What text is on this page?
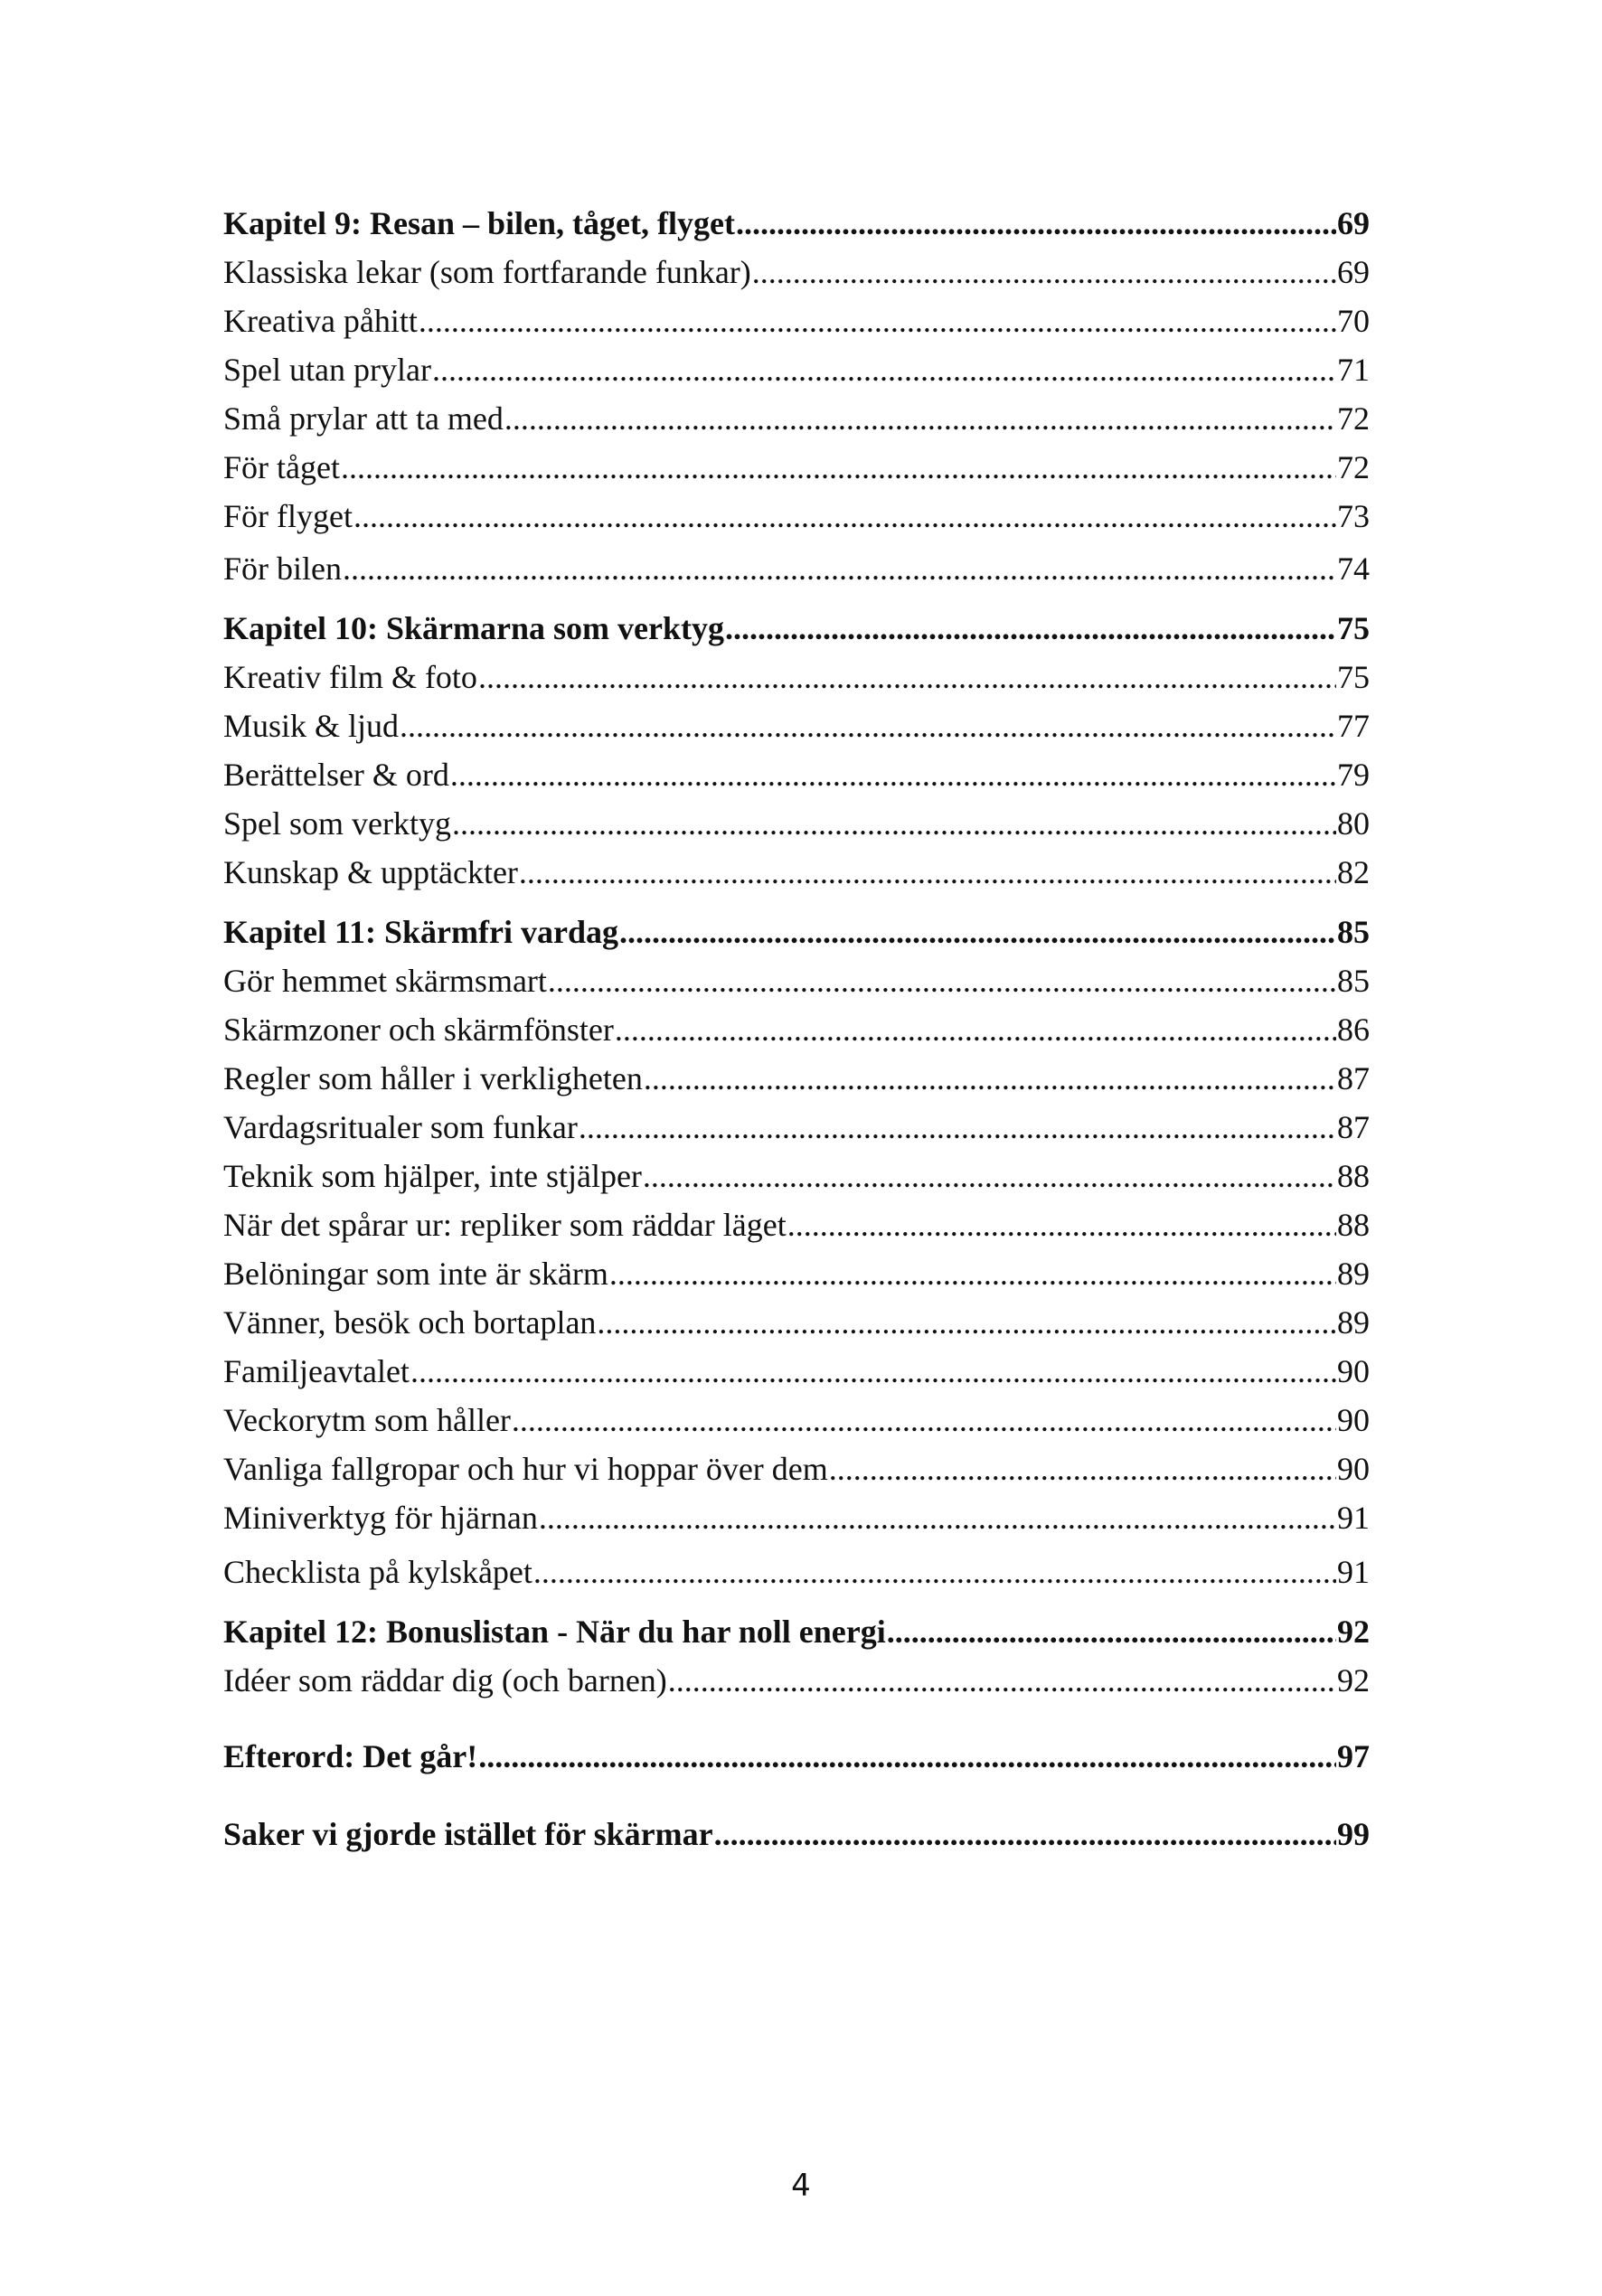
Kapitel 9: Resan – bilen, tåget, flyget .....	69
Klassiska lekar (som fortfarande funkar) .....	69
Kreativa påhitt .....	70
Spel utan prylar .....	71
Små prylar att ta med .....	72
För tåget .....	72
För flyget .....	73
För bilen .....	74
Kapitel 10: Skärmarna som verktyg .....	75
Kreativ film & foto .....	75
Musik & ljud .....	77
Berättelser & ord .....	79
Spel som verktyg .....	80
Kunskap & upptäckter .....	82
Kapitel 11: Skärmfri vardag .....	85
Gör hemmet skärmsmart .....	85
Skärmzoner och skärmfönster .....	86
Regler som håller i verkligheten .....	87
Vardagsritualer som funkar .....	87
Teknik som hjälper, inte stjälper .....	88
När det spårar ur: repliker som räddar läget .....	88
Belöningar som inte är skärm .....	89
Vänner, besök och bortaplan .....	89
Familjeavtalet .....	90
Veckorytm som håller .....	90
Vanliga fallgropar och hur vi hoppar över dem .....	90
Miniverktyg för hjärnan .....	91
Checklista på kylskåpet .....	91
Kapitel 12: Bonuslistan - När du har noll energi .....	92
Idéer som räddar dig (och barnen) .....	92
Efterord: Det går! .....	97
Saker vi gjorde istället för skärmar .....	99
4
